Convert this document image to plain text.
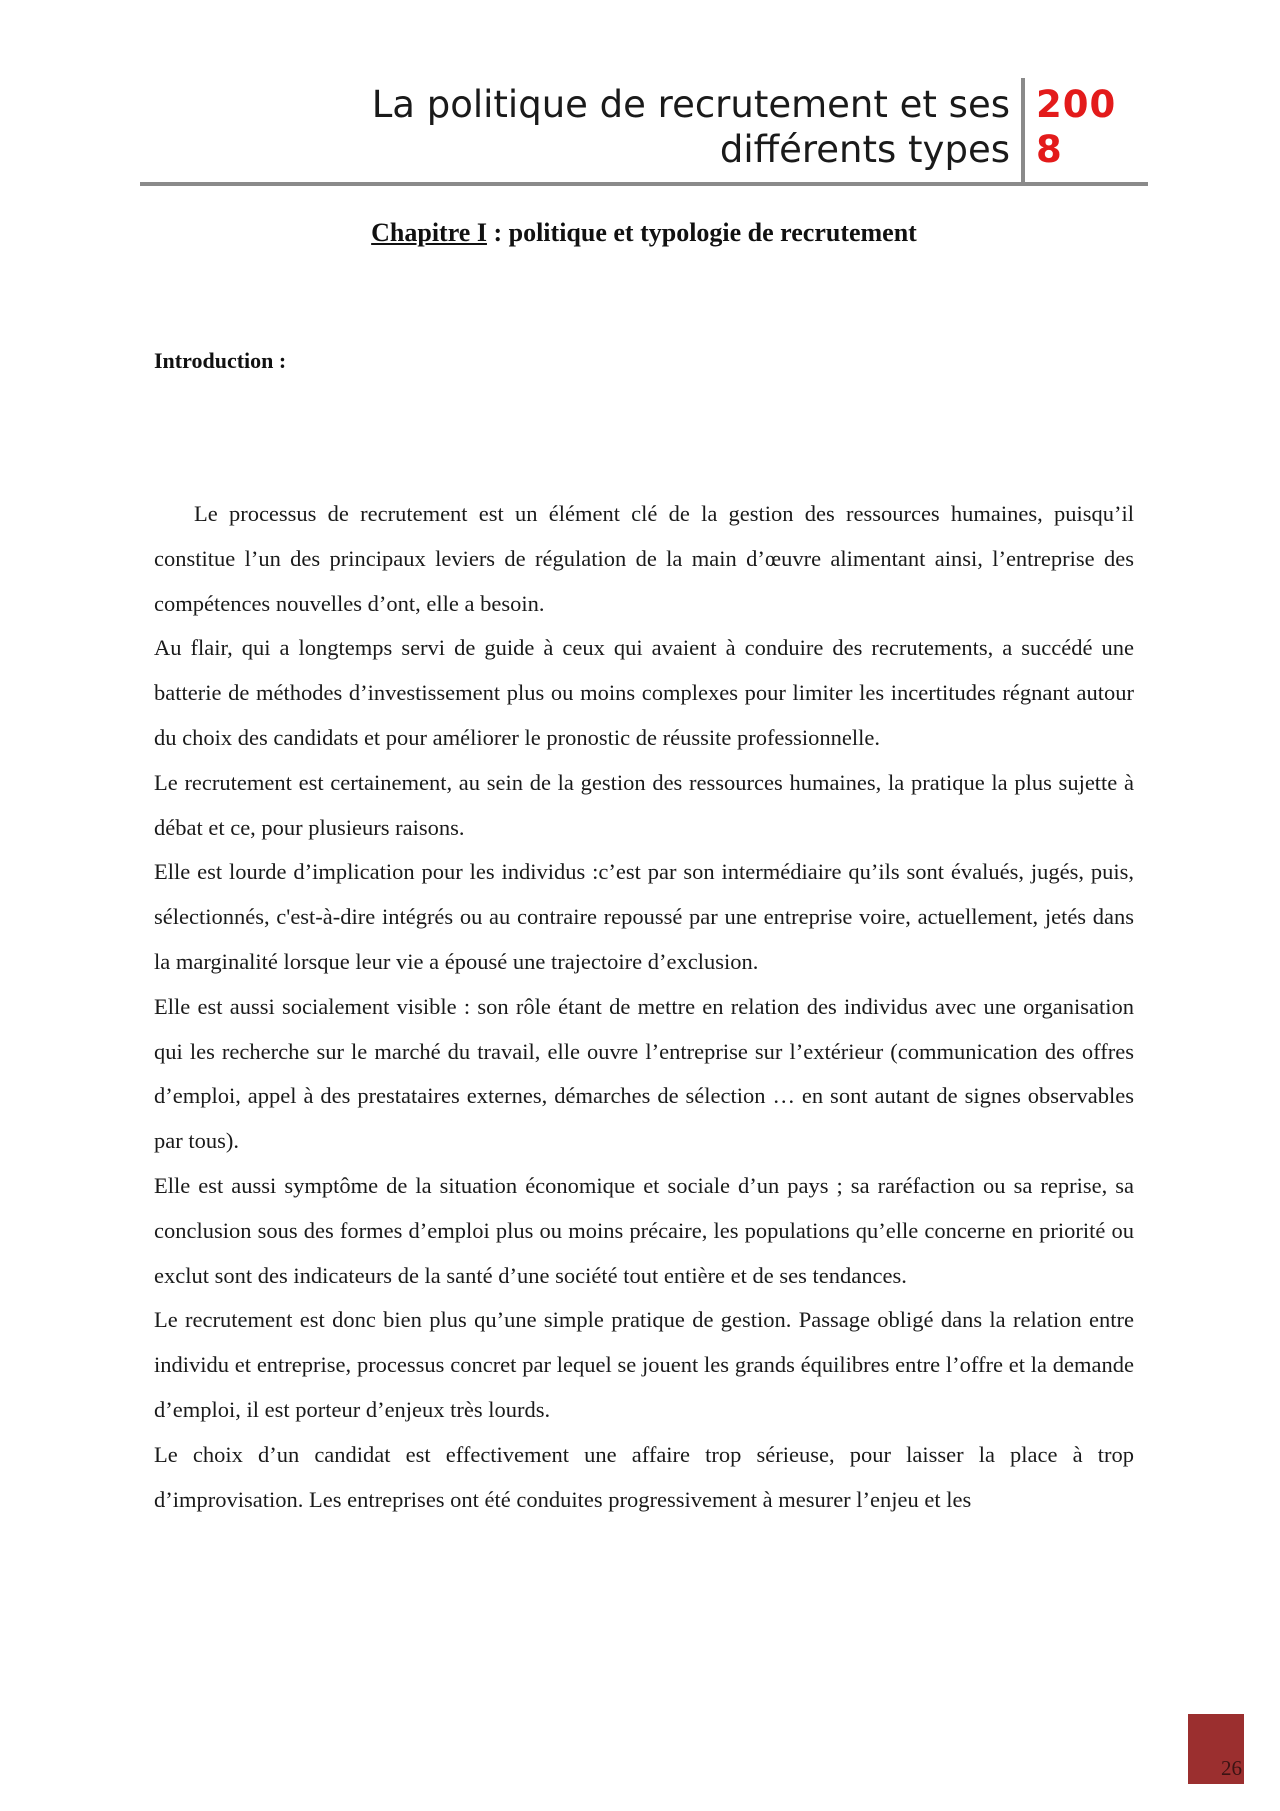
La politique de recrutement et ses
différents types
2008
Chapitre I : politique et typologie de recrutement
Introduction :

Le processus de recrutement est un élément clé de la gestion des ressources humaines, puisqu’il constitue l’un des principaux leviers de régulation de la main d’œuvre alimentant ainsi, l’entreprise des compétences nouvelles d’ont, elle a besoin.

Au flair, qui a longtemps servi de guide à ceux qui avaient à conduire des recrutements, a succédé une batterie de méthodes d’investissement plus ou moins complexes pour limiter les incertitudes régnant autour du choix des candidats et pour améliorer le pronostic de réussite professionnelle.

Le recrutement est certainement, au sein de la gestion des ressources humaines, la pratique la plus sujette à débat et ce, pour plusieurs raisons.

Elle est lourde d’implication pour les individus :c’est par son intermédiaire qu’ils sont évalués, jugés, puis, sélectionnés, c'est-à-dire intégrés ou au contraire repoussé par une entreprise voire, actuellement, jetés dans la marginalité lorsque leur vie a épousé une trajectoire d’exclusion.

Elle est aussi socialement visible : son rôle étant de mettre en relation des individus avec une organisation qui les recherche sur le marché du travail, elle ouvre l’entreprise sur l’extérieur (communication des offres d’emploi, appel à des prestataires externes, démarches de sélection … en sont autant de signes observables par tous).

Elle est aussi symptôme de la situation économique et sociale d’un pays ; sa raréfaction ou sa reprise, sa conclusion sous des formes d’emploi plus ou moins précaire, les populations qu’elle concerne en priorité ou exclut sont des indicateurs de la santé d’une société tout entière et de ses tendances.

Le recrutement est donc bien plus qu’une simple pratique de gestion. Passage obligé dans la relation entre individu et entreprise, processus concret par lequel se jouent les grands équilibres entre l’offre et la demande d’emploi, il est porteur d’enjeux très lourds.

Le choix d’un candidat est effectivement une affaire trop sérieuse, pour laisser la place à trop d’improvisation. Les entreprises ont été conduites progressivement à mesurer l’enjeu et les

26
